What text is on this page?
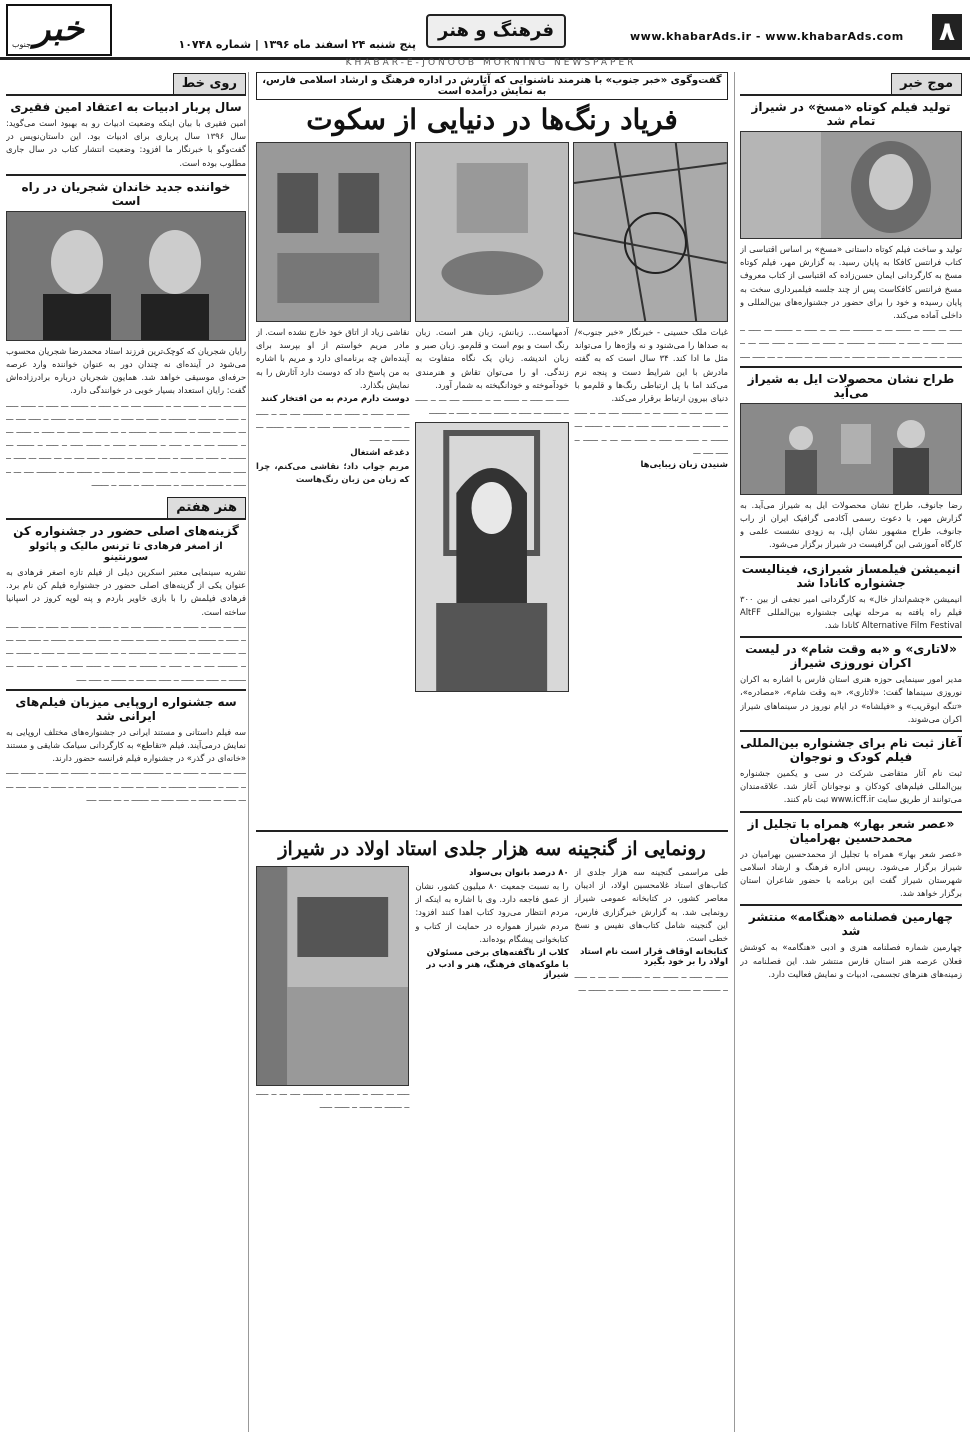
۸
www.khabarAds.ir - www.khabarAds.com
فرهنگ و هنر
پنج شنبه ۲۴ اسفند ماه ۱۳۹۶ | شماره ۱۰۷۴۸
خبر
جنوب
KHABAR-E-JONOOB MORNING NEWSPAPER
موج خبر
تولید فیلم کوتاه «مسخ» در شیراز تمام شد
تولید و ساخت فیلم کوتاه داستانی «مسخ» بر اساس اقتباسی از کتاب فرانتس کافکا به پایان رسید. به گزارش مهر، فیلم کوتاه مسخ به کارگردانی ایمان حسن‌زاده که اقتباسی از کتاب معروف مسخ فرانتس کافکاست پس از چند جلسه فیلمبرداری سخت به پایان رسیده و خود را برای حضور در جشنواره‌های بین‌المللی و داخلی آماده می‌کند.
ـــــ ـــ ـــــ ــ ــــــ ـــ ــ ــــــــ ــــ ـــ ــ ـــــ ــ ـــــــ ـــ ـــــ ــ ــــــ ـــــ ــ ـــــ ــ ـــــــ ـــ ـــــــ ــ ـــــ ـــ ـــــ ــ ـــــ ــــ ـــ ــ ــــــ ــ ـــــ ــــ ـــ ـــ ـــــ ـــ ـــــ ــ ـــــ ـــــ ـــ ـــــــ ــ ـــ ـــــ ــــ
طراح نشان محصولات ایل به شیراز می‌آید
رضا جانوف، طراح نشان محصولات ایل به شیراز می‌آید. به گزارش مهر، با دعوت رسمی آکادمی گرافیک ایران از راب جانوف، طراح مشهور نشان اپل، به زودی نشست علمی و کارگاه آموزشی این گرافیست در شیراز برگزار می‌شود.
انیمیشن فیلمساز شیرازی، فینالیست جشنواره کانادا شد
انیمیشن «چشم‌انداز خال» به کارگردانی امیر نجفی از بین ۳۰۰ فیلم راه یافته به مرحله نهایی جشنواره بین‌المللی AltFF Alternative Film Festival کانادا شد.
«لاتاری» و «به وقت شام» در لیست اکران نوروزی شیراز
مدیر امور سینمایی حوزه هنری استان فارس با اشاره به اکران نوروزی سینماها گفت: «لاتاری»، «به وقت شام»، «مصادره»، «تنگه ابوقریب» و «فیلشاه» در ایام نوروز در سینماهای شیراز اکران می‌شوند.
آغاز ثبت نام برای جشنواره بین‌المللی فیلم کودک و نوجوان
ثبت نام آثار متقاضی شرکت در سی و یکمین جشنواره بین‌المللی فیلم‌های کودکان و نوجوانان آغاز شد. علاقه‌مندان می‌توانند از طریق سایت www.icff.ir ثبت نام کنند.
«عصر شعر بهار» همراه با تجلیل از محمدحسین بهرامیان
«عصر شعر بهار» همراه با تجلیل از محمدحسین بهرامیان در شیراز برگزار می‌شود. رییس اداره فرهنگ و ارشاد اسلامی شهرستان شیراز گفت این برنامه با حضور شاعران استان برگزار خواهد شد.
چهارمین فصلنامه «هنگامه» منتشر شد
چهارمین شماره فصلنامه هنری و ادبی «هنگامه» به کوشش فعلان عرصه هنر استان فارس منتشر شد. این فصلنامه در زمینه‌های هنرهای تجسمی، ادبیات و نمایش فعالیت دارد.
گفت‌وگوی «خبر جنوب» با هنرمند ناشنوایی که آثارش در اداره فرهنگ و ارشاد اسلامی فارس، به نمایش درآمده است
فریاد رنگ‌ها در دنیایی از سکوت
غبات ملک حسینی - خبرنگار «خبر جنوب»/ به صداها را می‌شنود و نه واژه‌ها را می‌تواند مثل ما ادا کند. ۳۴ سال است که به گفته مادرش با این شرایط دست و پنجه نرم می‌کند اما با پل ارتباطی رنگ‌ها و قلم‌مو با دنیای بیرون ارتباط برقرار می‌کند.
ـــــ ـــ ـــــ ــ ــــــ ـــ ــ ــــــــ ــــ ـــ ــ ـــــ ــ ـــــــ ـــ ـــــ ــ ــــــ ـــــ ــ ـــــ ــ ـــــــ ـــ ـــــــ ــ ـــــ ـــ ـــــ ــ ـــــ ــــ ـــ ــ ــــــ ــ ـــــ ــــ ـــ
شنیدن زبان زیبایی‌ها
آدمهاست... زبانش، زبان هنر است. زبان رنگ است و بوم است و قلم‌مو. زبان صبر و زبان اندیشه. زبان یک نگاه متفاوت به زندگی. او را می‌توان تقاش و هنرمندی خودآموخته و خودانگیخته به شمار آورد.
ـــــ ـــ ـــــ ــ ــــــ ـــ ــ ــــــــ ــــ ـــ ــ ـــــ ــ ـــــــ ـــ ـــــ ــ ــــــ ـــــ ــ ـــــ ــ ـــــــ
نقاشی زیاد از اتاق خود خارج نشده است. از مادر مریم خواستم از او بپرسد برای آینده‌اش چه برنامه‌ای دارد و مریم با اشاره به من پاسخ داد که دوست دارد آثارش را به نمایش بگذارد.
دوست دارم مردم به من افتخار کنند
ـــــ ـــ ـــــ ــ ــــــ ـــ ــ ــــــــ ــــ ـــ ــ ـــــ ــ ـــــــ ـــ ـــــ ــ ــــــ ـــــ ــ ـــــ ــ ـــــــ ـــ ـــــــ ــ ـــــ
دغدغه اشتغال
مریم جواب داد؛ نقاشی می‌کنم، چرا که زبان من زبان رنگ‌هاست
رونمایی از گنجینه سه هزار جلدی استاد اولاد در شیراز
طی مراسمی گنجینه سه هزار جلدی از کتاب‌های استاد غلامحسین اولاد، از ادیبان معاصر کشور، در کتابخانه عمومی شیراز رونمایی شد. به گزارش خبرگزاری فارس، این گنجینه شامل کتاب‌های نفیس و نسخ خطی است.
کتابخانه اوقاف قرار است نام استاد اولاد را بر خود بگیرد
ـــــ ـــ ـــــ ــ ــــــ ـــ ــ ــــــــ ــــ ـــ ــ ـــــ ــ ـــــــ ـــ ـــــ ــ ــــــ ـــــ ــ ـــــ ــ ـــــــ ـــ
۸۰ درصد بانوان بی‌سواد
را به نسبت جمعیت ۸۰ میلیون کشور، نشان از عمق فاجعه دارد. وی با اشاره به اینکه از مردم انتظار می‌رود کتاب اهدا کنند افزود: مردم شیراز همواره در حمایت از کتاب و کتابخوانی پیشگام بوده‌اند.
کلاب از ناگفته‌های برخی مسئولان
با ملوکه‌های فرهنگ، هنر و ادب در شیراز
ـــــ ـــ ـــــ ــ ــــــ ـــ ــ ــــــــ ــــ ـــ ــ ـــــ ــ ـــــــ ـــ ـــــ ــ ــــــ ـــــ
روی خط
سال پربار ادبیات به اعتقاد امین فقیری
امین فقیری با بیان اینکه وضعیت ادبیات رو به بهبود است می‌گوید: سال ۱۳۹۶ سال پرباری برای ادبیات بود. این داستان‌نویس در گفت‌وگو با خبرنگار ما افزود: وضعیت انتشار کتاب در سال جاری مطلوب بوده است.
خواننده جدید خاندان شجریان در راه است
رایان شجریان که کوچک‌ترین فرزند استاد محمدرضا شجریان محسوب می‌شود در آینده‌ای نه چندان دور به عنوان خواننده وارد عرصه حرفه‌ای موسیقی خواهد شد. همایون شجریان درباره برادرزاده‌اش گفت: رایان استعداد بسیار خوبی در خوانندگی دارد.
ـــــ ـــ ـــــ ــ ــــــ ـــ ــ ــــــــ ــــ ـــ ــ ـــــ ــ ـــــــ ـــ ـــــ ــ ــــــ ـــــ ــ ـــــ ــ ـــــــ ـــ ـــــــ ــ ـــــ ـــ ـــــ ــ ـــــ ــــ ـــ ــ ــــــ ــ ـــــ ــــ ـــ ـــ ـــــ ـــ ـــــ ــ ـــــ ـــــ ـــ ـــــــ ــ ـــ ـــــ ــــ ـــــ ـــ ـــــ ــ ــــــ ـــ ــ ــــــــ ــــ ـــ ــ ـــــ ــ ـــــــ ـــ ـــــ ــ ــــــ ـــــ ــ ـــــ ــ ـــــــ ـــ ـــــــ ــ ـــــ ـــ ـــــ ــ ـــــ ــــ ـــ ــ ــــــ ــ ـــــ ــــ ـــ ـــ ـــــ ـــ ـــــ ــ ـــــ ـــــ ـــ ـــــــ ــ ـــ ـــــ ــــ ـــــ ـــ ـــــ ــ ــــــ ـــ ــ ــــــــ ــــ ـــ ــ ـــــ ــ ـــــــ ـــ ـــــ ــ ــــــ ـــــ ــ ـــــ ــ ـــــــ
هنر هفتم
گزینه‌های اصلی حضور در جشنواره کن
از اصغر فرهادی تا ترنس مالیک و پائولو سورنتینو
نشریه سینمایی معتبر اسکرین دیلی از فیلم تازه اصغر فرهادی به عنوان یکی از گزینه‌های اصلی حضور در جشنواره فیلم کن نام برد. فرهادی فیلمش را با بازی خاویر باردم و پنه لوپه کروز در اسپانیا ساخته است.
ـــــ ـــ ـــــ ــ ــــــ ـــ ــ ــــــــ ــــ ـــ ــ ـــــ ــ ـــــــ ـــ ـــــ ــ ــــــ ـــــ ــ ـــــ ــ ـــــــ ـــ ـــــــ ــ ـــــ ـــ ـــــ ــ ـــــ ــــ ـــ ــ ــــــ ــ ـــــ ــــ ـــ ـــ ـــــ ـــ ـــــ ــ ـــــ ـــــ ـــ ـــــــ ــ ـــ ـــــ ــــ ـــــ ـــ ـــــ ــ ــــــ ـــ ــ ــــــــ ــــ ـــ ــ ـــــ ــ ـــــــ ـــ ـــــ ــ ــــــ ـــــ ــ ـــــ ــ ـــــــ ـــ ـــــــ ــ ـــــ ـــ ـــــ ــ ـــــ ــــ ـــ ــ ــــــ ــ ـــــ ــــ
سه جشنواره اروپایی میزبان فیلم‌های ایرانی شد
سه فیلم داستانی و مستند ایرانی در جشنواره‌های مختلف اروپایی به نمایش درمی‌آیند. فیلم «تقاطع» به کارگردانی سیامک شایقی و مستند «خانه‌ای در گذر» در جشنواره فیلم فرانسه حضور دارند.
ـــــ ـــ ـــــ ــ ــــــ ـــ ــ ــــــــ ــــ ـــ ــ ـــــ ــ ـــــــ ـــ ـــــ ــ ــــــ ـــــ ــ ـــــ ــ ـــــــ ـــ ـــــــ ــ ـــــ ـــ ـــــ ــ ـــــ ــــ ـــ ــ ــــــ ــ ـــــ ــــ ـــ ـــ ـــــ ـــ ـــــ ــ ـــــ ـــــ ـــ ـــــــ ــ ـــ ـــــ ــــ
